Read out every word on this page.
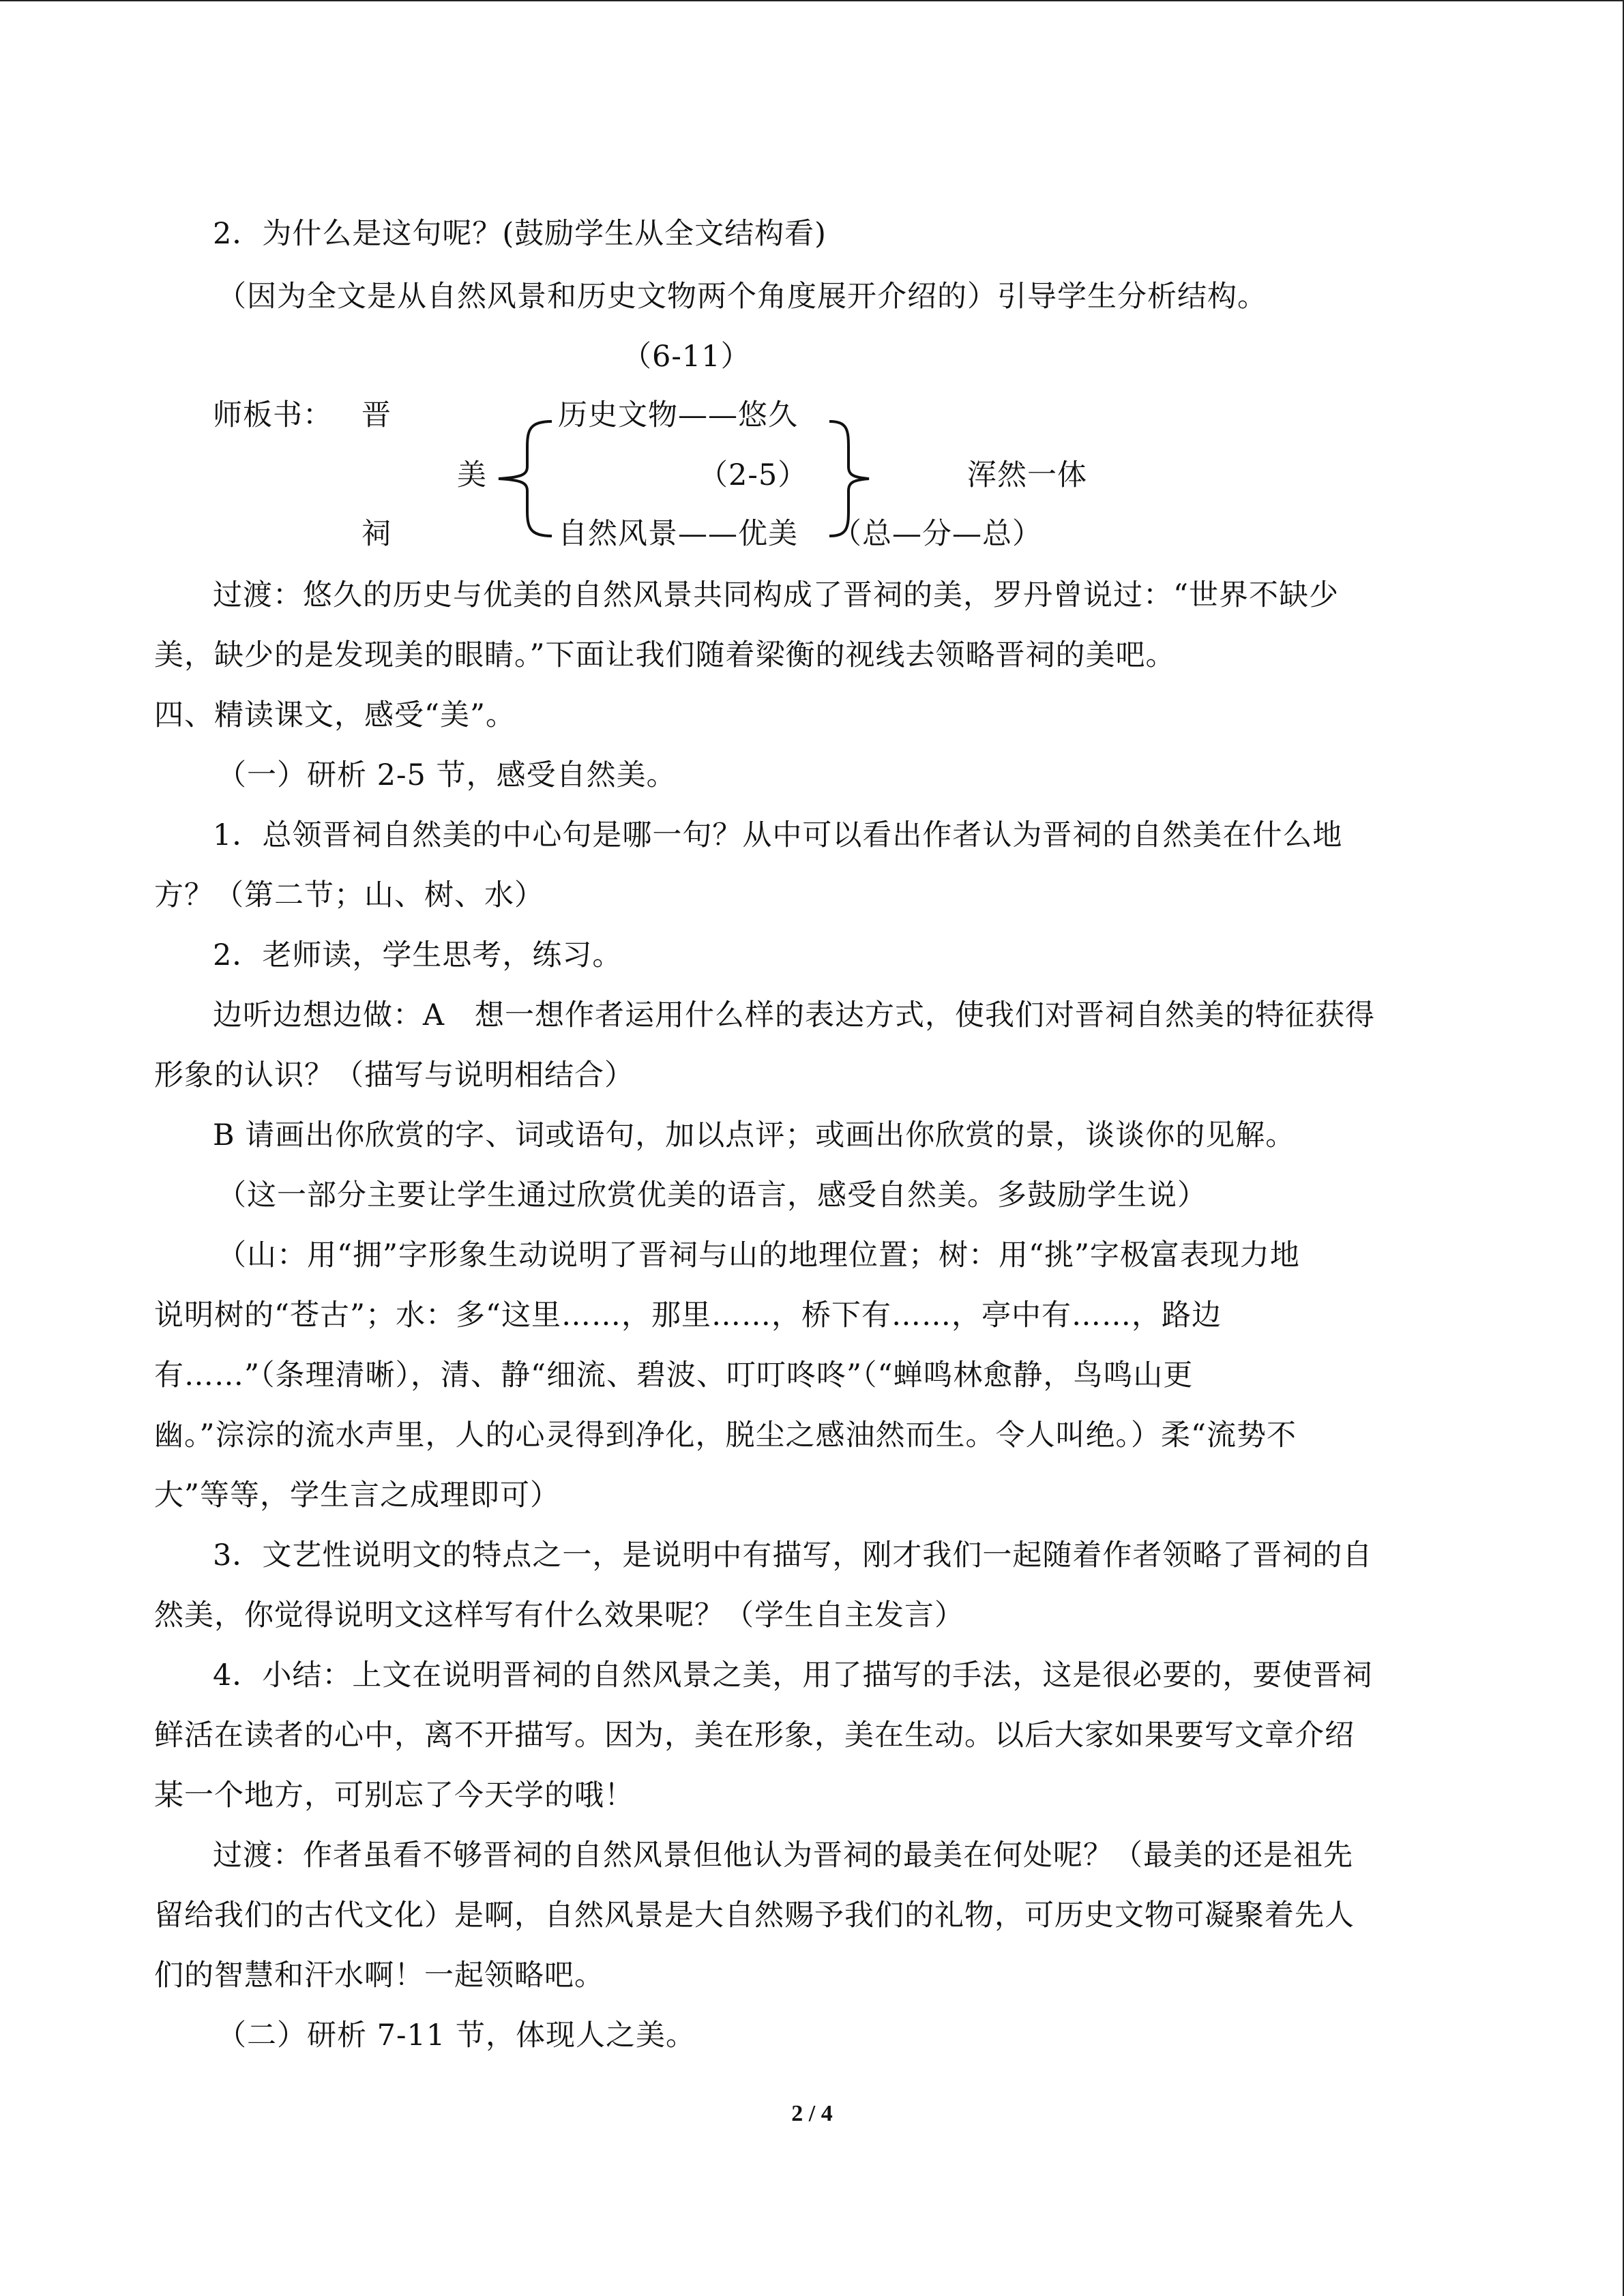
2．为什么是这句呢？(鼓励学生从全文结构看)
（因为全文是从自然风景和历史文物两个角度展开介绍的）引导学生分析结构。
（6-11）
师板书： 晋	历史文物——悠久
美	（2-5）	浑然一体
祠	自然风景——优美 （总—分—总）
过渡：悠久的历史与优美的自然风景共同构成了晋祠的美，罗丹曾说过：“世界不缺少
美，缺少的是发现美的眼睛。”下面让我们随着梁衡的视线去领略晋祠的美吧。
四、精读课文，感受“美”。
（一）研析 2-5 节，感受自然美。
1．总领晋祠自然美的中心句是哪一句？从中可以看出作者认为晋祠的自然美在什么地
方？（第二节；山、树、水）
2．老师读，学生思考，练习。
边听边想边做：A　想一想作者运用什么样的表达方式，使我们对晋祠自然美的特征获得
形象的认识？（描写与说明相结合）
B 请画出你欣赏的字、词或语句，加以点评；或画出你欣赏的景，谈谈你的见解。
（这一部分主要让学生通过欣赏优美的语言，感受自然美。多鼓励学生说）
（山：用“拥”字形象生动说明了晋祠与山的地理位置；树：用“挑”字极富表现力地
说明树的“苍古”；水：多“这里……，那里……，桥下有……，亭中有……，路边
有……”（条理清晰），清、静“细流、碧波、叮叮咚咚”（“蝉鸣林愈静，鸟鸣山更
幽。”淙淙的流水声里，人的心灵得到净化，脱尘之感油然而生。令人叫绝。）柔“流势不
大”等等，学生言之成理即可）
3．文艺性说明文的特点之一，是说明中有描写，刚才我们一起随着作者领略了晋祠的自
然美，你觉得说明文这样写有什么效果呢？（学生自主发言）
4．小结：上文在说明晋祠的自然风景之美，用了描写的手法，这是很必要的，要使晋祠
鲜活在读者的心中，离不开描写。因为，美在形象，美在生动。以后大家如果要写文章介绍
某一个地方，可别忘了今天学的哦！
过渡：作者虽看不够晋祠的自然风景但他认为晋祠的最美在何处呢？（最美的还是祖先
留给我们的古代文化）是啊，自然风景是大自然赐予我们的礼物，可历史文物可凝聚着先人
们的智慧和汗水啊！一起领略吧。
（二）研析 7-11 节，体现人之美。
2 / 4
